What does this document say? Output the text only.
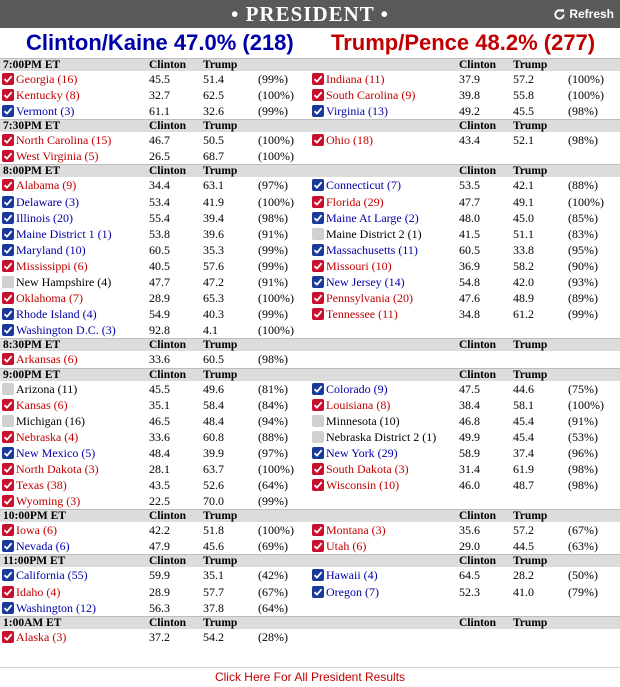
• PRESIDENT •	Refresh
Clinton/Kaine 47.0% (218) Trump/Pence 48.2% (277)
7:00PM ET	Clinton Trump	Clinton Trump
Georgia (16)	45.5	51.4	(99%)	Indiana (11)	37.9	57.2	(100%)
Kentucky (8)	32.7	62.5	(100%)	South Carolina (9)	39.8	55.8	(100%)
Vermont (3)	61.1	32.6	(99%)	Virginia (13)	49.2	45.5	(98%)
7:30PM ET	Clinton Trump	Clinton Trump
North Carolina (15)	46.7	50.5	(100%)	Ohio (18)	43.4	52.1	(98%)
West Virginia (5)	26.5	68.7	(100%)
8:00PM ET	Clinton Trump	Clinton Trump
Alabama (9)	34.4	63.1	(97%)	Connecticut (7)	53.5	42.1	(88%)
Delaware (3)	53.4	41.9	(100%)	Florida (29)	47.7	49.1	(100%)
Illinois (20)	55.4	39.4	(98%)	Maine At Large (2)	48.0	45.0	(85%)
Maine District 1 (1)	53.8	39.6	(91%)	Maine District 2 (1)	41.5	51.1	(83%)
Maryland (10)	60.5	35.3	(99%)	Massachusetts (11)	60.5	33.8	(95%)
Mississippi (6)	40.5	57.6	(99%)	Missouri (10)	36.9	58.2	(90%)
New Hampshire (4)	47.7	47.2	(91%)	New Jersey (14)	54.8	42.0	(93%)
Oklahoma (7)	28.9	65.3	(100%)	Pennsylvania (20)	47.6	48.9	(89%)
Rhode Island (4)	54.9	40.3	(99%)	Tennessee (11)	34.8	61.2	(99%)
Washington D.C. (3)	92.8	4.1	(100%)
8:30PM ET	Clinton Trump	Clinton Trump
Arkansas (6)	33.6	60.5	(98%)
9:00PM ET	Clinton Trump	Clinton Trump
Arizona (11)	45.5	49.6	(81%)	Colorado (9)	47.5	44.6	(75%)
Kansas (6)	35.1	58.4	(84%)	Louisiana (8)	38.4	58.1	(100%)
Michigan (16)	46.5	48.4	(94%)	Minnesota (10)	46.8	45.4	(91%)
Nebraska (4)	33.6	60.8	(88%)	Nebraska District 2 (1) 49.9	45.4	(53%)
New Mexico (5)	48.4	39.9	(97%)	New York (29)	58.9	37.4	(96%)
North Dakota (3)	28.1	63.7	(100%)	South Dakota (3)	31.4	61.9	(98%)
Texas (38)	43.5	52.6	(64%)	Wisconsin (10)	46.0	48.7	(98%)
Wyoming (3)	22.5	70.0	(99%)
10:00PM ET	Clinton Trump	Clinton Trump
Iowa (6)	42.2	51.8	(100%)	Montana (3)	35.6	57.2	(67%)
Nevada (6)	47.9	45.6	(69%)	Utah (6)	29.0	44.5	(63%)
11:00PM ET	Clinton Trump	Clinton Trump
California (55)	59.9	35.1	(42%)	Hawaii (4)	64.5	28.2	(50%)
Idaho (4)	28.9	57.7	(67%)	Oregon (7)	52.3	41.0	(79%)
Washington (12)	56.3	37.8	(64%)
1:00AM ET	Clinton Trump	Clinton Trump
Alaska (3)	37.2	54.2	(28%)
Click Here For All President Results
